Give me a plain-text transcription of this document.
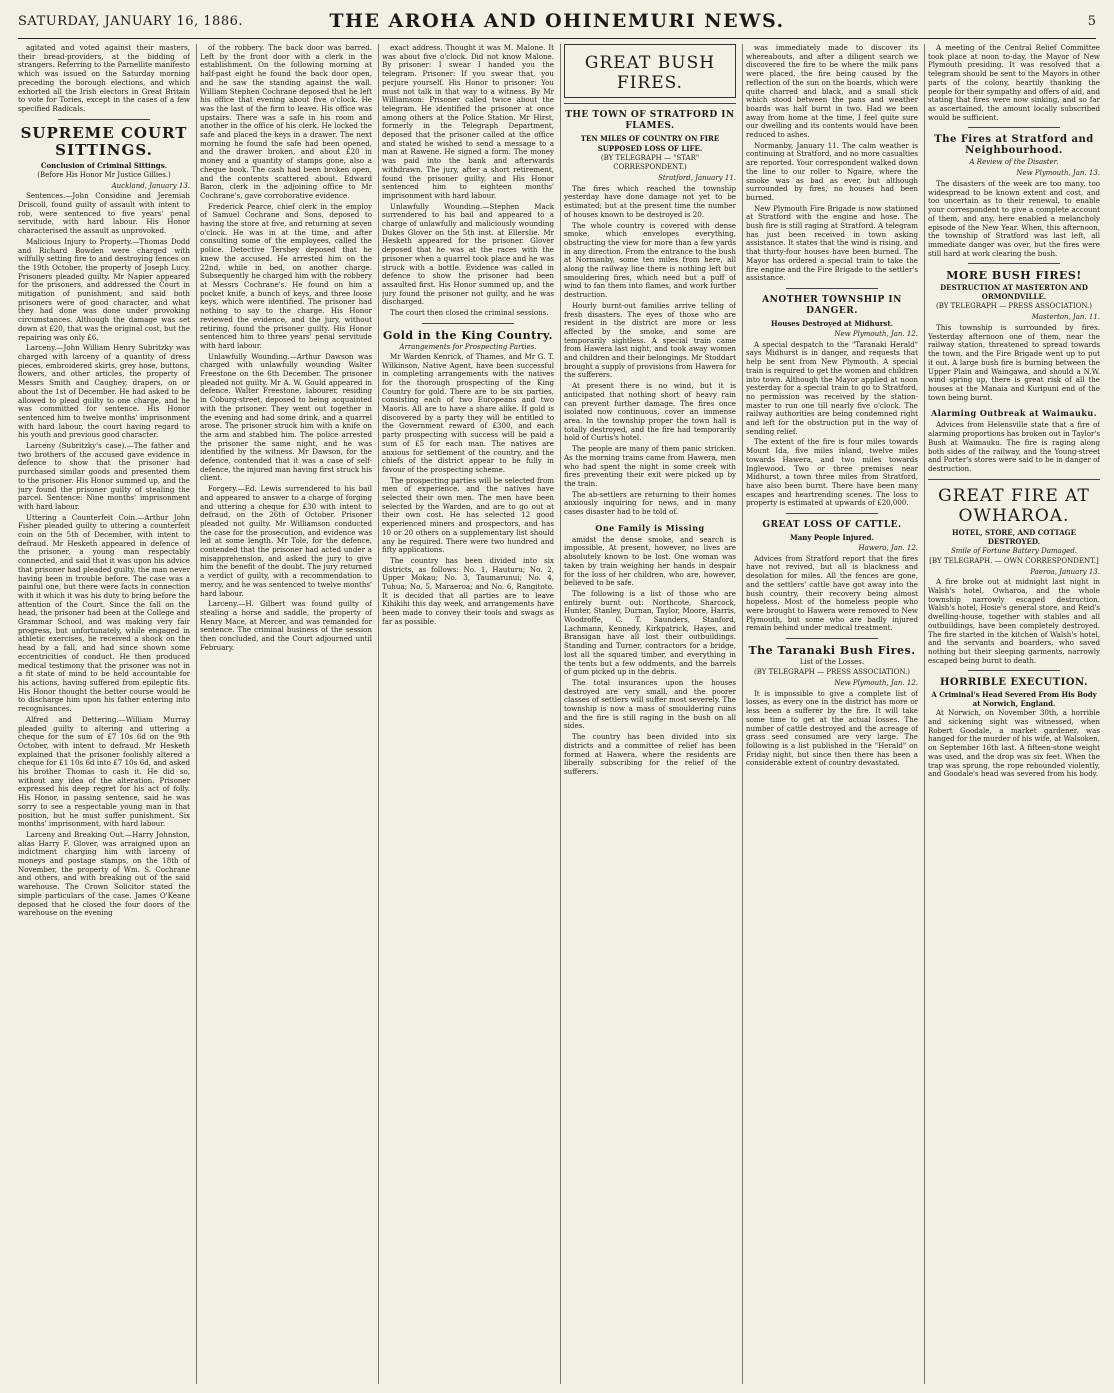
SATURDAY, JANUARY 16, 1886.	THE AROHA AND OHINEMURI NEWS.	5

agitated and voted against their masters, their bread-providers, at the bidding of strangers. Referring to the Parnellite manifesto which was issued on the Saturday morning preceding the borough elections, and which exhorted all the Irish electors in Great Britain to vote for Tories, except in the cases of a few specified Radicals.

SUPREME COURT SITTINGS.
Conclusion of Criminal Sittings.
(Before His Honor Mr Justice Gillies.)
Auckland, January 13.

Sentences.—John Considine and Jeremiah Driscoll, found guilty of assault with intent to rob, were sentenced to five years' penal servitude, with hard labour. His Honor characterised the assault as unprovoked.

Malicious Injury to Property.—Thomas Dodd and Richard Bowden were charged with wilfully setting fire to and destroying fences on the 19th October, the property of Joseph Lucy. Prisoners pleaded guilty. Mr Napier appeared for the prisoners, and addressed the Court in mitigation of punishment, and said both prisoners were of good character, and what they had done was done under provoking circumstances. Although the damage was set down at £20, that was the original cost, but the repairing was only £6.

Larceny.—John William Henry Subritzky was charged with larceny of a quantity of dress pieces, embroidered skirts, grey hose, buttons, flowers, and other articles, the property of Messrs Smith and Caughey, drapers, on or about the 1st of December. He had asked to be allowed to plead guilty to one charge, and he was committed for sentence. His Honor sentenced him to twelve months' imprisonment with hard labour, the court having regard to his youth and previous good character.

Larceny (Subritzky's case).—The father and two brothers of the accused gave evidence in defence to show that the prisoner had purchased similar goods and presented them to the prisoner. His Honor summed up, and the jury found the prisoner guilty of stealing the parcel. Sentence: Nine months' imprisonment with hard labour.

Uttering a Counterfeit Coin.—Arthur John Fisher pleaded guilty to uttering a counterfeit coin on the 5th of December, with intent to defraud. Mr Hesketh appeared in defence of the prisoner, a young man respectably connected, and said that it was upon his advice that prisoner had pleaded guilty, the man never having been in trouble before. The case was a painful one, but there were facts in connection with it which it was his duty to bring before the attention of the Court. Since the fall on the head, the prisoner had been at the College and Grammar School, and was making very fair progress, but unfortunately, while engaged in athletic exercises, he received a shock on the head by a fall, and had since shown some eccentricities of conduct. He then produced medical testimony that the prisoner was not in a fit state of mind to be held accountable for his actions, having suffered from epileptic fits. His Honor thought the better course would be to discharge him upon his father entering into recognisances.

Alfred and Dettering.—William Murray pleaded guilty to altering and uttering a cheque for the sum of £7 10s 6d on the 9th October, with intent to defraud. Mr Hesketh explained that the prisoner foolishly altered a cheque for £1 10s 6d into £7 10s 6d, and asked his brother Thomas to cash it. He did so, without any idea of the alteration. Prisoner expressed his deep regret for his act of folly. His Honor, in passing sentence, said he was sorry to see a respectable young man in that position, but he must suffer punishment. Six months' imprisonment, with hard labour.

Larceny and Breaking Out.—Harry Johnston, alias Harry F. Glover, was arraigned upon an indictment charging him with larceny of moneys and postage stamps, on the 18th of November, the property of Wm. S. Cochrane and others, and with breaking out of the said warehouse. The Crown Solicitor stated the simple particulars of the case. James O'Keane deposed that he closed the four doors of the warehouse on the evening

of the robbery. The back door was barred. Left by the front door with a clerk in the establishment. On the following morning at half-past eight he found the back door open, and he saw the standing against the wall. William Stephen Cochrane deposed that he left his office that evening about five o'clock. He was the last of the firm to leave. His office was upstairs. There was a safe in his room and another in the office of his clerk. He locked the safe and placed the keys in a drawer. The next morning he found the safe had been opened, and the drawer broken, and about £20 in money and a quantity of stamps gone, also a cheque book. The cash had been broken open, and the contents scattered about. Edward Baron, clerk in the adjoining office to Mr Cochrane's, gave corroborative evidence.

Frederick Pearce, chief clerk in the employ of Samuel Cochrane and Sons, deposed to having the store at five, and returning at seven o'clock. He was in at the time, and after consulting some of the employees, called the police. Detective Tershey deposed that he knew the accused. He arrested him on the 22nd, while in bed, on another charge. Subsequently he charged him with the robbery at Messrs Cochrane's. He found on him a pocket knife, a bunch of keys, and three loose keys, which were identified. The prisoner had nothing to say to the charge. His Honor reviewed the evidence, and the jury, without retiring, found the prisoner guilty. His Honor sentenced him to three years' penal servitude with hard labour.

Unlawfully Wounding.—Arthur Dawson was charged with unlawfully wounding Walter Freestone on the 6th December. The prisoner pleaded not guilty. Mr A. W. Gould appeared in defence. Walter Freestone, labourer, residing in Coburg-street, deposed to being acquainted with the prisoner. They went out together in the evening and had some drink, and a quarrel arose. The prisoner struck him with a knife on the arm and stabbed him. The police arrested the prisoner the same night, and he was identified by the witness. Mr Dawson, for the defence, contended that it was a case of self-defence, the injured man having first struck his client.

Forgery.—Ed. Lewis surrendered to his bail and appeared to answer to a charge of forging and uttering a cheque for £30 with intent to defraud, on the 26th of October. Prisoner pleaded not guilty. Mr Williamson conducted the case for the prosecution, and evidence was led at some length. Mr Tole, for the defence, contended that the prisoner had acted under a misapprehension, and asked the jury to give him the benefit of the doubt. The jury returned a verdict of guilty, with a recommendation to mercy, and he was sentenced to twelve months' hard labour.

Larceny.—H. Gilbert was found guilty of stealing a horse and saddle, the property of Henry Mace, at Mercer, and was remanded for sentence. The criminal business of the session then concluded, and the Court adjourned until February.

exact address. Thought it was M. Malone. It was about five o'clock. Did not know Malone. By prisoner: I swear I handed you the telegram. Prisoner: If you swear that, you perjure yourself. His Honor to prisoner: You must not talk in that way to a witness. By Mr Williamson: Prisoner called twice about the telegram. He identified the prisoner at once among others at the Police Station. Mr Hirst, formerly in the Telegraph Department, deposed that the prisoner called at the office and stated he wished to send a message to a man at Rawene. He signed a form. The money was paid into the bank and afterwards withdrawn. The jury, after a short retirement, found the prisoner guilty, and His Honor sentenced him to eighteen months' imprisonment with hard labour.

Unlawfully Wounding.—Stephen Mack surrendered to his bail and appeared to a charge of unlawfully and maliciously wounding Dukes Glover on the 5th inst. at Ellerslie. Mr Hesketh appeared for the prisoner. Glover deposed that he was at the races with the prisoner when a quarrel took place and he was struck with a bottle. Evidence was called in defence to show the prisoner had been assaulted first. His Honor summed up, and the jury found the prisoner not guilty, and he was discharged.

The court then closed the criminal sessions.

Gold in the King Country.
Arrangements for Prospecting Parties.

Mr Warden Kenrick, of Thames, and Mr G. T. Wilkinson, Native Agent, have been successful in completing arrangements with the natives for the thorough prospecting of the King Country for gold. There are to be six parties, consisting each of two Europeans and two Maoris. All are to have a share alike. If gold is discovered by a party they will be entitled to the Government reward of £300, and each party prospecting with success will be paid a sum of £5 for each man. The natives are anxious for settlement of the country, and the chiefs of the district appear to be fully in favour of the prospecting scheme.

The prospecting parties will be selected from men of experience, and the natives have selected their own men. The men have been selected by the Warden, and are to go out at their own cost. He has selected 12 good experienced miners and prospectors, and has 10 or 20 others on a supplementary list should any be required. There were two hundred and fifty applications.

The country has been divided into six districts, as follows: No. 1, Hauturu; No. 2, Upper Mokau; No. 3, Taumarunui; No. 4, Tuhua; No. 5, Maraeroa; and No. 6, Rangitoto. It is decided that all parties are to leave Kihikihi this day week, and arrangements have been made to convey their tools and swags as far as possible.

GREAT BUSH FIRES.
THE TOWN OF STRATFORD IN FLAMES.
TEN MILES OF COUNTRY ON FIRE
SUPPOSED LOSS OF LIFE.
(BY TELEGRAPH — "STAR" CORRESPONDENT.)
Stratford, January 11.

The fires which reached the township yesterday have done damage not yet to be estimated; but at the present time the number of houses known to be destroyed is 20.

The whole country is covered with dense smoke, which envelopes everything, obstructing the view for more than a few yards in any direction. From the entrance to the bush at Normanby, some ten miles from here, all along the railway line there is nothing left but smouldering fires, which need but a puff of wind to fan them into flames, and work further destruction.

Hourly burnt-out families arrive telling of fresh disasters. The eyes of those who are resident in the district are more or less affected by the smoke, and some are temporarily sightless. A special train came from Hawera last night, and took away women and children and their belongings. Mr Stoddart brought a supply of provisions from Hawera for the sufferers.

At present there is no wind, but it is anticipated that nothing short of heavy rain can prevent further damage. The fires once isolated now continuous, cover an immense area. In the township proper the town hall is totally destroyed, and the fire had temporarily hold of Curtis's hotel.

The people are many of them panic stricken. As the morning trains came from Hawera, men who had spent the night in some creek with fires preventing their exit were picked up by the train.

The ab-settlers are returning to their homes anxiously inquiring for news, and in many cases disaster had to be told of.

One Family is Missing

amidst the dense smoke, and search is impossible. At present, however, no lives are absolutely known to be lost. One woman was taken by train weighing her hands in despair for the loss of her children, who are, however, believed to be safe.

The following is a list of those who are entirely burnt out: Northcote, Sharcock, Hunter, Stanley, Durnan, Taylor, Moore, Harris, Woodroffe, C. T. Saunders, Stanford, Lachmann, Kennedy, Kirkpatrick, Hayes, and Bransigan have all lost their outbuildings. Standing and Turner, contractors for a bridge, lost all the squared timber, and everything in the tents but a few oddments, and the barrels of gum picked up in the debris.

The total insurances upon the houses destroyed are very small, and the poorer classes of settlers will suffer most severely. The township is now a mass of smouldering ruins and the fire is still raging in the bush on all sides.

The country has been divided into six districts and a committee of relief has been formed at Hawera, where the residents are liberally subscribing for the relief of the sufferers.

was immediately made to discover its whereabouts, and after a diligent search we discovered the fire to be where the milk pans were placed, the fire being caused by the reflection of the sun on the boards, which were quite charred and black, and a small stick which stood between the pans and weather boards was half burnt in two. Had we been away from home at the time, I feel quite sure our dwelling and its contents would have been reduced to ashes.

Normanby, January 11. The calm weather is continuing at Stratford, and no more casualties are reported. Your correspondent walked down the line to our roller to Ngaire, where the smoke was as bad as ever, but although surrounded by fires, no houses had been burned.

New Plymouth Fire Brigade is now stationed at Stratford with the engine and hose. The bush fire is still raging at Stratford. A telegram has just been received in town asking assistance. It states that the wind is rising, and that thirty-four houses have been burned. The Mayor has ordered a special train to take the fire engine and the Fire Brigade to the settler's assistance.

ANOTHER TOWNSHIP IN DANGER.
Houses Destroyed at Midhurst.
New Plymouth, Jan. 12.

A special despatch to the "Taranaki Herald" says Midhurst is in danger, and requests that help be sent from New Plymouth. A special train is required to get the women and children into town. Although the Mayor applied at noon yesterday for a special train to go to Stratford, no permission was received by the station-master to run one till nearly five o'clock. The railway authorities are being condemned right and left for the obstruction put in the way of sending relief.

The extent of the fire is four miles towards Mount Ida, five miles inland, twelve miles towards Hawera, and two miles towards Inglewood. Two or three premises near Midhurst, a town three miles from Stratford, have also been burnt. There have been many escapes and heartrending scenes. The loss to property is estimated at upwards of £20,000.

GREAT LOSS OF CATTLE.
Many People Injured.
Hawera, Jan. 12.

Advices from Stratford report that the fires have not revived, but all is blackness and desolation for miles. All the fences are gone, and the settlers' cattle have got away into the bush country, their recovery being almost hopeless. Most of the homeless people who were brought to Hawera were removed to New Plymouth, but some who are badly injured remain behind under medical treatment.

The Taranaki Bush Fires.
List of the Losses.
(BY TELEGRAPH — PRESS ASSOCIATION.)
New Plymouth, Jan. 12.

It is impossible to give a complete list of losses, as every one in the district has more or less been a sufferer by the fire. It will take some time to get at the actual losses. The number of cattle destroyed and the acreage of grass seed consumed are very large. The following is a list published in the "Herald" on Friday night, but since then there has been a considerable extent of country devastated.

A meeting of the Central Relief Committee took place at noon to-day, the Mayor of New Plymouth presiding. It was resolved that a telegram should be sent to the Mayors in other parts of the colony, heartily thanking the people for their sympathy and offers of aid, and stating that fires were now sinking, and so far as ascertained, the amount locally subscribed would be sufficient.

The Fires at Stratford and Neighbourhood.
A Review of the Disaster.
New Plymouth, Jan. 13.

The disasters of the week are too many, too widespread to be known extent and cost, and too uncertain as to their renewal, to enable your correspondent to give a complete account of them, and any, here enabled a melancholy episode of the New Year. When, this afternoon, the township of Stratford was last left, all immediate danger was over, but the fires were still hard at work clearing the bush.

MORE BUSH FIRES!
DESTRUCTION AT MASTERTON AND ORMONDVILLE.
(BY TELEGRAPH — PRESS ASSOCIATION.)
Masterton, Jan. 11.

This township is surrounded by fires. Yesterday afternoon one of them, near the railway station, threatened to spread towards the town, and the Fire Brigade went up to put it out. A large bush fire is burning between the Upper Plain and Waingawa, and should a N.W. wind spring up, there is great risk of all the houses at the Manaia and Kuripuni end of the town being burnt.

Alarming Outbreak at Waimauku.

Advices from Helensville state that a fire of alarming proportions has broken out in Taylor's Bush at Waimauku. The fire is raging along both sides of the railway, and the Young-street and Porter's stores were said to be in danger of destruction.

GREAT FIRE AT OWHAROA.
HOTEL, STORE, AND COTTAGE DESTROYED.
Smile of Fortune Battery Damaged.
[BY TELEGRAPH. — OWN CORRESPONDENT.]
Paeroa, January 13.

A fire broke out at midnight last night in Walsh's hotel, Owharoa, and the whole township narrowly escaped destruction. Walsh's hotel, Hosie's general store, and Reid's dwelling-house, together with stables and all outbuildings, have been completely destroyed. The fire started in the kitchen of Walsh's hotel, and the servants and boarders, who saved nothing but their sleeping garments, narrowly escaped being burnt to death.

HORRIBLE EXECUTION.
A Criminal's Head Severed From His Body at Norwich, England.

At Norwich, on November 30th, a horrible and sickening sight was witnessed, when Robert Goodale, a market gardener, was hanged for the murder of his wife, at Walsoken, on September 16th last. A fifteen-stone weight was used, and the drop was six feet. When the trap was sprung, the rope rebounded violently, and Goodale's head was severed from his body.
